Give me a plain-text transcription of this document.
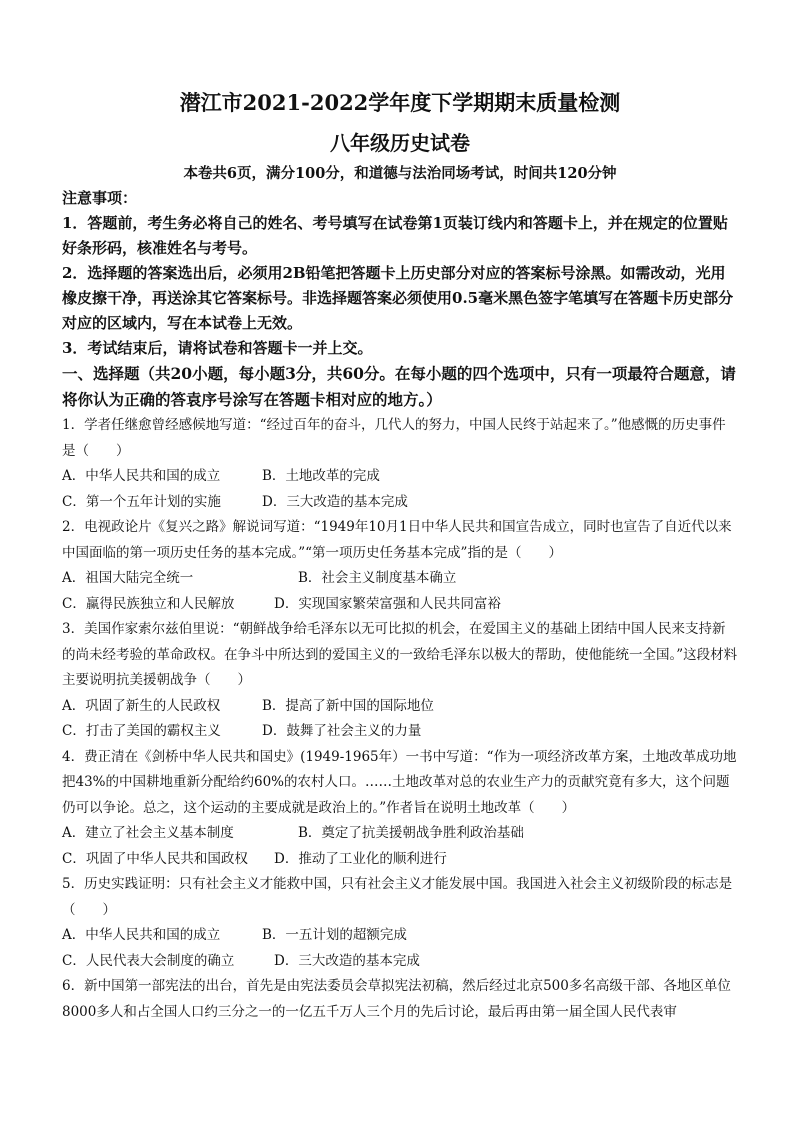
潜江市2021-2022学年度下学期期末质量检测
八年级历史试卷

本卷共6页，满分100分，和道德与法治同场考试，时间共120分钟

注意事项：

1．答题前，考生务必将自己的姓名、考号填写在试卷第1页装订线内和答题卡上，并在规定的位置贴好条形码，核准姓名与考号。

2．选择题的答案选出后，必须用2B铅笔把答题卡上历史部分对应的答案标号涂黑。如需改动，光用橡皮擦干净，再送涂其它答案标号。非选择题答案必须使用0.5毫米黑色签字笔填写在答题卡历史部分对应的区域内，写在本试卷上无效。

3．考试结束后，请将试卷和答题卡一并上交。

一、选择题（共20小题，每小题3分，共60分。在每小题的四个选项中，只有一项最符合题意，请将你认为正确的答袁序号涂写在答题卡相对应的地方。）

1．学者任继愈曾经感候地写道：“经过百年的奋斗，几代人的努力，中国人民终于站起来了。”他感慨的历史事件是（　　）

A．中华人民共和国的成立	B．土地改革的完成
C．第一个五年计划的实施	D．三大改造的基本完成

2．电视政论片《复兴之路》解说词写道：“1949年10月1日中华人民共和国宣告成立，同时也宣告了自近代以来中国面临的第一项历史任务的基本完成。”“第一项历史任务基本完成”指的是（　　）

A．祖国大陆完全统一	B．社会主义制度基本确立
C．赢得民族独立和人民解放	D．实现国家繁荣富强和人民共同富裕

3．美国作家索尔兹伯里说：“朝鲜战争给毛泽东以无可比拟的机会，在爱国主义的基础上团结中国人民来支持新的尚未经考验的革命政权。在争斗中所达到的爱国主义的一致给毛泽东以极大的帮助，使他能统一全国。”这段材料主要说明抗美援朝战争（　　）

A．巩固了新生的人民政权	B．提高了新中国的国际地位
C．打击了美国的霸权主义	D．鼓舞了社会主义的力量

4．费正清在《剑桥中华人民共和国史》(1949-1965年）一书中写道：“作为一项经济改革方案，土地改革成功地把43%的中国耕地重新分配给约60%的农村人口。……土地改革对总的农业生产力的贡献究竟有多大，这个问题仍可以争论。总之，这个运动的主要成就是政治上的。”作者旨在说明土地改革（　　）

A．建立了社会主义基本制度	B．奠定了抗美援朝战争胜利政治基础
C．巩固了中华人民共和国政权	D．推动了工业化的顺利进行

5．历史实践证明：只有社会主义才能救中国，只有社会主义才能发展中国。我国进入社会主义初级阶段的标志是（　　）

A．中华人民共和国的成立	B．一五计划的超额完成
C．人民代表大会制度的确立	D．三大改造的基本完成

6．新中国第一部宪法的出台，首先是由宪法委员会草拟宪法初稿，然后经过北京500多名高级干部、各地区单位8000多人和占全国人口约三分之一的一亿五千万人三个月的先后讨论，最后再由第一届全国人民代表审
